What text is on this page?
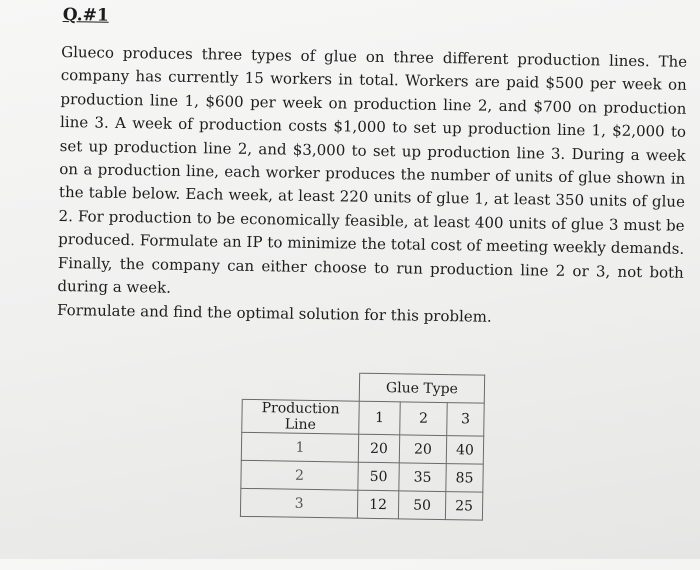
Q.#1

Glueco produces three types of glue on three different production lines. The company has currently 15 workers in total. Workers are paid $500 per week on production line 1, $600 per week on production line 2, and $700 on production line 3. A week of production costs $1,000 to set up production line 1, $2,000 to set up production line 2, and $3,000 to set up production line 3. During a week on a production line, each worker produces the number of units of glue shown in the table below. Each week, at least 220 units of glue 1, at least 350 units of glue 2. For production to be economically feasible, at least 400 units of glue 3 must be produced. Formulate an IP to minimize the total cost of meeting weekly demands. Finally, the company can either choose to run production line 2 or 3, not both during a week.

Formulate and find the optimal solution for this problem.

	Glue Type		
Production Line	1	2	3
1	20	20	40
2	50	35	85
3	12	50	25
